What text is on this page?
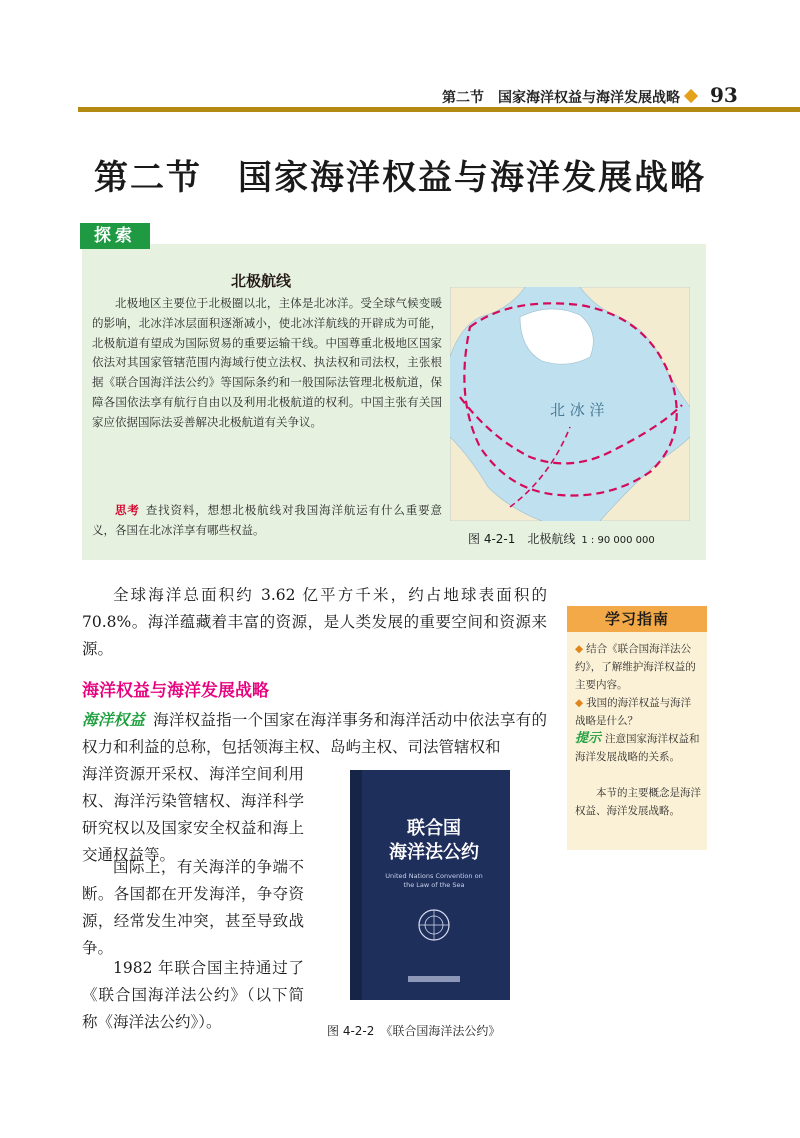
第二节　国家海洋权益与海洋发展战略 93
第二节　国家海洋权益与海洋发展战略
探索
北极航线
北极地区主要位于北极圈以北，主体是北冰洋。受全球气候变暖的影响，北冰洋冰层面积逐渐减小，使北冰洋航线的开辟成为可能，北极航道有望成为国际贸易的重要运输干线。中国尊重北极地区国家依法对其国家管辖范围内海域行使立法权、执法权和司法权，主张根据《联合国海洋法公约》等国际条约和一般国际法管理北极航道，保障各国依法享有航行自由以及利用北极航道的权利。中国主张有关国家应依据国际法妥善解决北极航道有关争议。
思考 查找资料，想想北极航线对我国海洋航运有什么重要意义，各国在北冰洋享有哪些权益。
北 冰 洋
图 4-2-1　北极航线 1 : 90 000 000
全球海洋总面积约 3.62 亿平方千米，约占地球表面积的 70.8%。海洋蕴藏着丰富的资源，是人类发展的重要空间和资源来源。
海洋权益与海洋发展战略
海洋权益 海洋权益指一个国家在海洋事务和海洋活动中依法享有的权力和利益的总称，包括领海主权、岛屿主权、司法管辖权和
海洋资源开采权、海洋空间利用权、海洋污染管辖权、海洋科学研究权以及国家安全权益和海上交通权益等。
国际上，有关海洋的争端不断。各国都在开发海洋，争夺资源，经常发生冲突，甚至导致战争。
1982 年联合国主持通过了《联合国海洋法公约》（以下简称《海洋法公约》）。
联合国
海洋法公约
United Nations Convention on
the Law of the Sea
图 4-2-2　《联合国海洋法公约》
学习指南
◆ 结合《联合国海洋法公约》，了解维护海洋权益的主要内容。
◆ 我国的海洋权益与海洋战略是什么？
提示 注意国家海洋权益和海洋发展战略的关系。
本节的主要概念是海洋权益、海洋发展战略。
